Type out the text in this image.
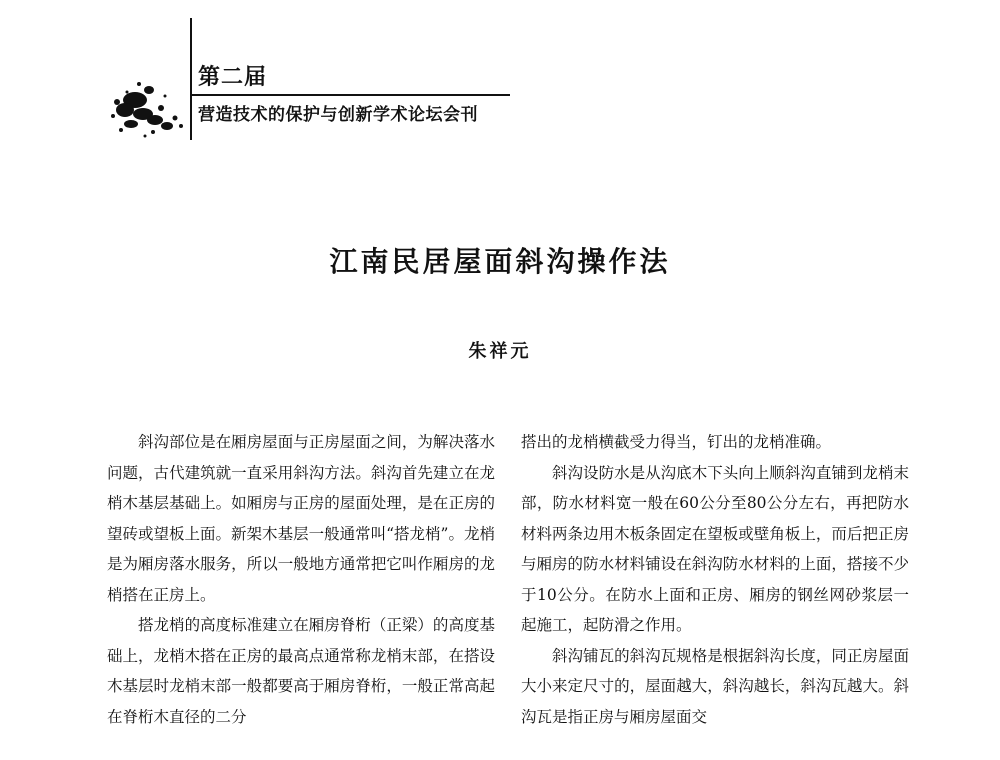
第二届
营造技术的保护与创新学术论坛会刊
江南民居屋面斜沟操作法
朱祥元

斜沟部位是在厢房屋面与正房屋面之间，为解决落水问题，古代建筑就一直采用斜沟方法。斜沟首先建立在龙梢木基层基础上。如厢房与正房的屋面处理，是在正房的望砖或望板上面。新架木基层一般通常叫“搭龙梢”。龙梢是为厢房落水服务，所以一般地方通常把它叫作厢房的龙梢搭在正房上。

搭龙梢的高度标准建立在厢房脊桁（正梁）的高度基础上，龙梢木搭在正房的最高点通常称龙梢末部，在搭设木基层时龙梢末部一般都要高于厢房脊桁，一般正常高起在脊桁木直径的二分

搭出的龙梢横截受力得当，钉出的龙梢准确。

斜沟设防水是从沟底木下头向上顺斜沟直铺到龙梢末部，防水材料宽一般在60公分至80公分左右，再把防水材料两条边用木板条固定在望板或壁角板上，而后把正房与厢房的防水材料铺设在斜沟防水材料的上面，搭接不少于10公分。在防水上面和正房、厢房的钢丝网砂浆层一起施工，起防滑之作用。

斜沟铺瓦的斜沟瓦规格是根据斜沟长度，同正房屋面大小来定尺寸的，屋面越大，斜沟越长，斜沟瓦越大。斜沟瓦是指正房与厢房屋面交
